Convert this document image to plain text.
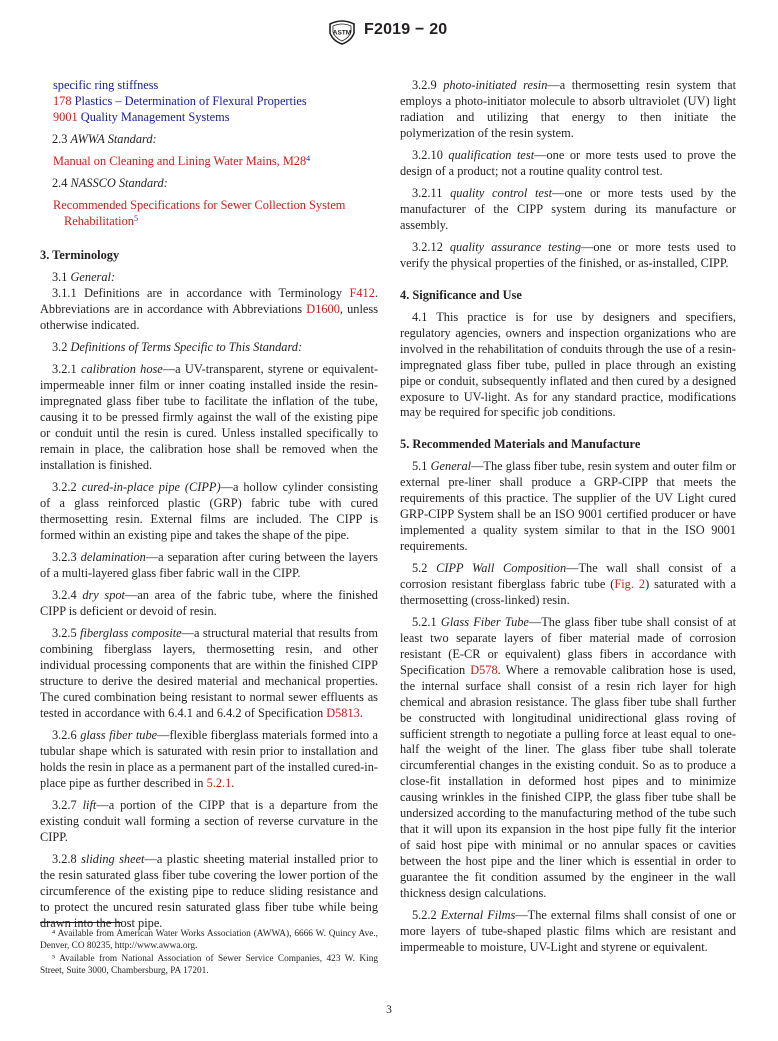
ASTM F2019 − 20

specific ring stiffness

178 Plastics – Determination of Flexural Properties

9001 Quality Management Systems

2.3 AWWA Standard:

Manual on Cleaning and Lining Water Mains, $M28^4$

2.4 NASSCO Standard:

Recommended Specifications for Sewer Collection System Rehabilitation$^5$

3. Terminology

3.1 General:

3.1.1 Definitions are in accordance with Terminology F412. Abbreviations are in accordance with Abbreviations D1600, unless otherwise indicated.

3.2 Definitions of Terms Specific to This Standard:

3.2.1 calibration hose—a UV-transparent, styrene or equivalent-impermeable inner film or inner coating installed inside the resin-impregnated glass fiber tube to facilitate the inflation of the tube, causing it to be pressed firmly against the wall of the existing pipe or conduit until the resin is cured. Unless installed specifically to remain in place, the calibration hose shall be removed when the installation is finished.

3.2.2 cured-in-place pipe (CIPP)—a hollow cylinder consisting of a glass reinforced plastic (GRP) fabric tube with cured thermosetting resin. External films are included. The CIPP is formed within an existing pipe and takes the shape of the pipe.

3.2.3 delamination—a separation after curing between the layers of a multi-layered glass fiber fabric wall in the CIPP.

3.2.4 dry spot—an area of the fabric tube, where the finished CIPP is deficient or devoid of resin.

3.2.5 fiberglass composite—a structural material that results from combining fiberglass layers, thermosetting resin, and other individual processing components that are within the finished CIPP structure to derive the desired material and mechanical properties. The cured combination being resistant to normal sewer effluents as tested in accordance with 6.4.1 and 6.4.2 of Specification D5813.

3.2.6 glass fiber tube—flexible fiberglass materials formed into a tubular shape which is saturated with resin prior to installation and holds the resin in place as a permanent part of the installed cured-in-place pipe as further described in 5.2.1.

3.2.7 lift—a portion of the CIPP that is a departure from the existing conduit wall forming a section of reverse curvature in the CIPP.

3.2.8 sliding sheet—a plastic sheeting material installed prior to the resin saturated glass fiber tube covering the lower portion of the circumference of the existing pipe to reduce sliding resistance and to protect the uncured resin saturated glass fiber tube while being drawn into the host pipe.

3.2.9 photo-initiated resin—a thermosetting resin system that employs a photo-initiator molecule to absorb ultraviolet (UV) light radiation and utilizing that energy to then initiate the polymerization of the resin system.

3.2.10 qualification test—one or more tests used to prove the design of a product; not a routine quality control test.

3.2.11 quality control test—one or more tests used by the manufacturer of the CIPP system during its manufacture or assembly.

3.2.12 quality assurance testing—one or more tests used to verify the physical properties of the finished, or as-installed, CIPP.

4. Significance and Use

4.1 This practice is for use by designers and specifiers, regulatory agencies, owners and inspection organizations who are involved in the rehabilitation of conduits through the use of a resin-impregnated glass fiber tube, pulled in place through an existing pipe or conduit, subsequently inflated and then cured by a designed exposure to UV-light. As for any standard practice, modifications may be required for specific job conditions.

5. Recommended Materials and Manufacture

5.1 General—The glass fiber tube, resin system and outer film or external pre-liner shall produce a GRP-CIPP that meets the requirements of this practice. The supplier of the UV Light cured GRP-CIPP System shall be an ISO 9001 certified producer or have implemented a quality system similar to that in the ISO 9001 requirements.

5.2 CIPP Wall Composition—The wall shall consist of a corrosion resistant fiberglass fabric tube (Fig. 2) saturated with a thermosetting (cross-linked) resin.

5.2.1 Glass Fiber Tube—The glass fiber tube shall consist of at least two separate layers of fiber material made of corrosion resistant (E-CR or equivalent) glass fibers in accordance with Specification D578. Where a removable calibration hose is used, the internal surface shall consist of a resin rich layer for high chemical and abrasion resistance. The glass fiber tube shall further be constructed with longitudinal unidirectional glass roving of sufficient strength to negotiate a pulling force at least equal to one-half the weight of the liner. The glass fiber tube shall tolerate circumferential changes in the existing conduit. So as to produce a close-fit installation in deformed host pipes and to minimize causing wrinkles in the finished CIPP, the glass fiber tube shall be undersized according to the manufacturing method of the tube such that it will upon its expansion in the host pipe fully fit the interior of said host pipe with minimal or no annular spaces or cavities between the host pipe and the liner which is essential in order to guarantee the fit condition assumed by the engineer in the wall thickness design calculations.

5.2.2 External Films—The external films shall consist of one or more layers of tube-shaped plastic films which are resistant and impermeable to moisture, UV-Light and styrene or equivalent.

⁴ Available from American Water Works Association (AWWA), 6666 W. Quincy Ave., Denver, CO 80235, http://www.awwa.org.

⁵ Available from National Association of Sewer Service Companies, 423 W. King Street, Suite 3000, Chambersburg, PA 17201.

3
